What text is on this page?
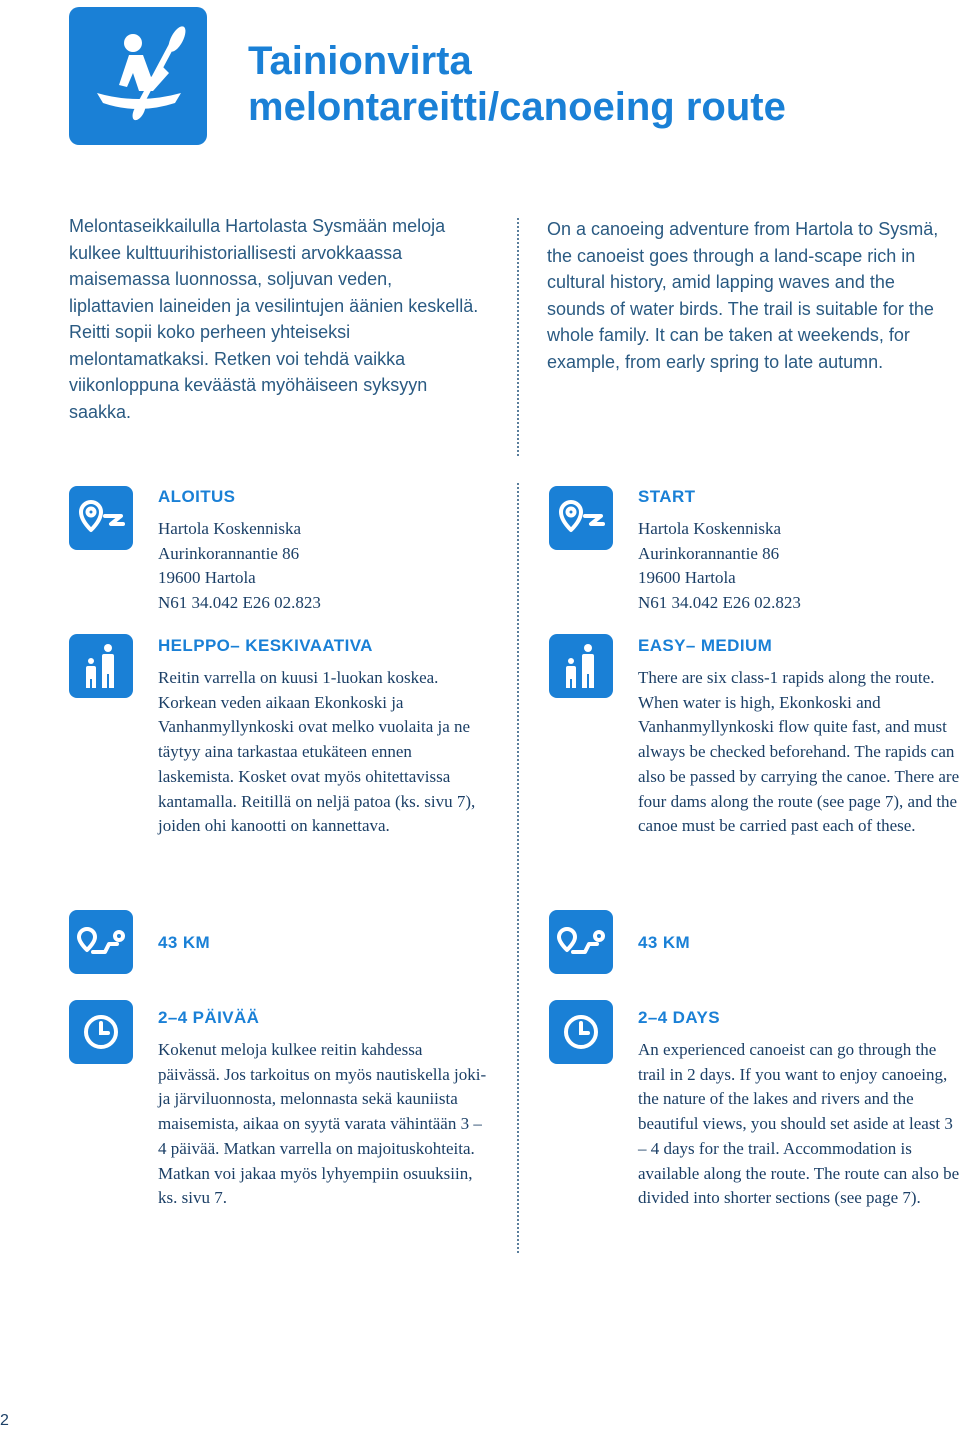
Tainionvirta
melontareitti/canoeing route

Melontaseikkailulla Hartolasta Sysmään meloja kulkee kulttuurihistoriallisesti arvokkaassa maisemassa luonnossa, soljuvan veden, liplattavien laineiden ja vesilintujen äänien keskellä. Reitti sopii koko perheen yhteiseksi melontamatkaksi. Retken voi tehdä vaikka viikonloppuna keväästä myöhäiseen syksyyn saakka.

On a canoeing adventure from Hartola to Sysmä, the canoeist goes through a land-scape rich in cultural history, amid lapping waves and the sounds of water birds. The trail is suitable for the whole family. It can be taken at weekends, for example, from early spring to late autumn.

ALOITUS

Hartola Koskenniska
Aurinkorannantie 86
19600 Hartola
N61 34.042 E26 02.823

START

Hartola Koskenniska
Aurinkorannantie 86
19600 Hartola
N61 34.042 E26 02.823

HELPPO– KESKIVAATIVA

Reitin varrella on kuusi 1-luokan koskea. Korkean veden aikaan Ekonkoski ja Vanhanmyllynkoski ovat melko vuolaita ja ne täytyy aina tarkastaa etukäteen ennen laskemista. Kosket ovat myös ohitettavissa kantamalla. Reitillä on neljä patoa (ks. sivu 7), joiden ohi kanootti on kannettava.

EASY– MEDIUM

There are six class-1 rapids along the route. When water is high, Ekonkoski and Vanhanmyllynkoski flow quite fast, and must always be checked beforehand. The rapids can also be passed by carrying the canoe. There are four dams along the route (see page 7), and the canoe must be carried past each of these.

43 KM	43 KM
2–4 PÄIVÄÄ

Kokenut meloja kulkee reitin kahdessa päivässä. Jos tarkoitus on myös nautiskella joki- ja järviluonnosta, melonnasta sekä kauniista maisemista, aikaa on syytä varata vähintään 3 – 4 päivää. Matkan varrella on majoituskohteita. Matkan voi jakaa myös lyhyempiin osuuksiin, ks. sivu 7.

2–4 DAYS

An experienced canoeist can go through the trail in 2 days. If you want to enjoy canoeing, the nature of the lakes and rivers and the beautiful views, you should set aside at least 3 – 4 days for the trail. Accommodation is available along the route. The route can also be divided into shorter sections (see page 7).

2
